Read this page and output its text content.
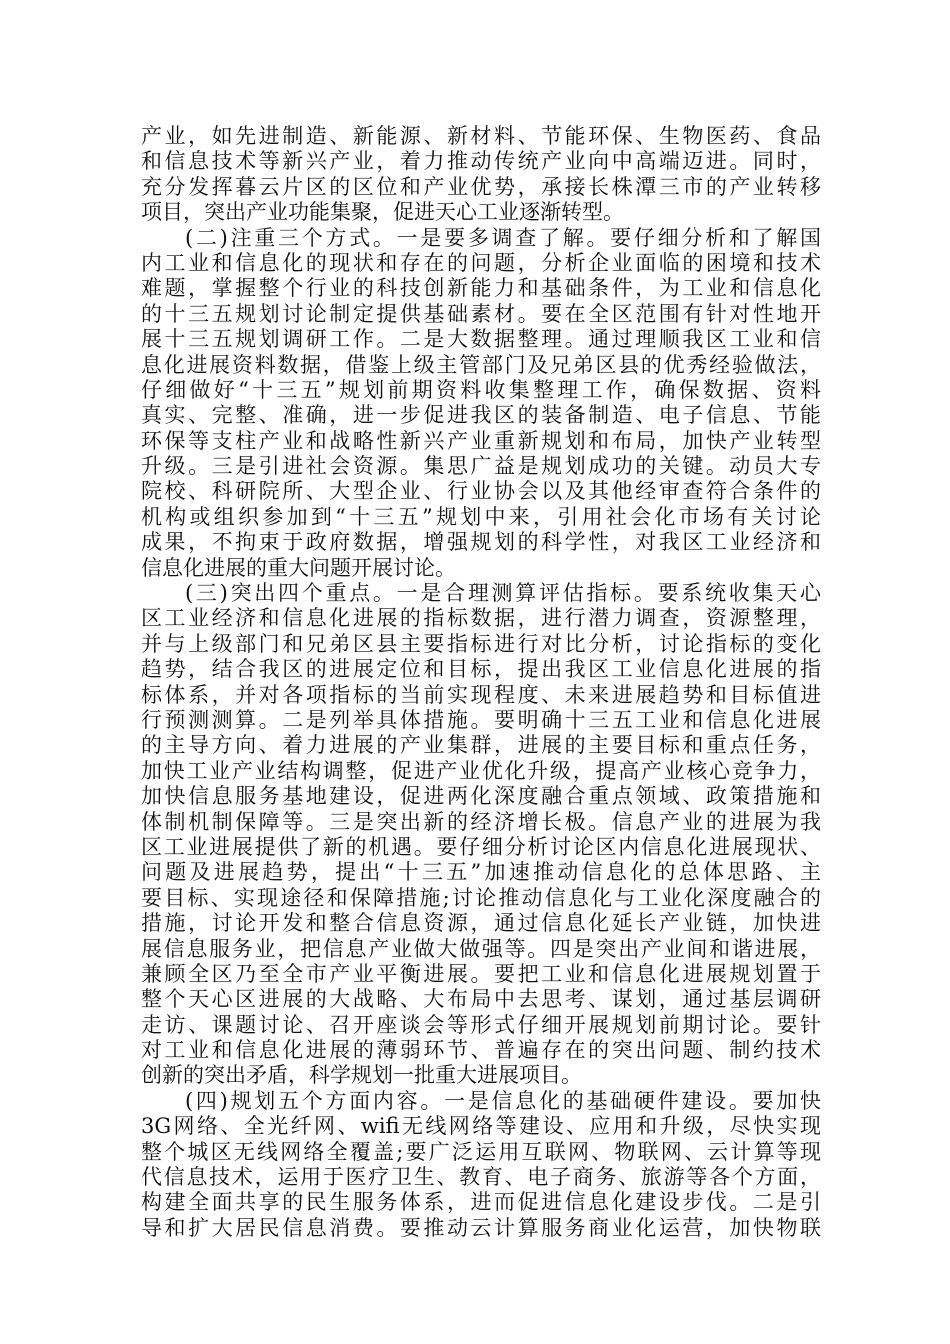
产业，如先进制造、新能源、新材料、节能环保、生物医药、食品
和信息技术等新兴产业，着力推动传统产业向中高端迈进。同时，
充分发挥暮云片区的区位和产业优势，承接长株潭三市的产业转移
项目，突出产业功能集聚，促进天心工业逐渐转型。
(二)注重三个方式。一是要多调查了解。要仔细分析和了解国
内工业和信息化的现状和存在的问题，分析企业面临的困境和技术
难题，掌握整个行业的科技创新能力和基础条件，为工业和信息化
的十三五规划讨论制定提供基础素材。要在全区范围有针对性地开
展十三五规划调研工作。二是大数据整理。通过理顺我区工业和信
息化进展资料数据，借鉴上级主管部门及兄弟区县的优秀经验做法，
仔细做好“十三五”规划前期资料收集整理工作，确保数据、资料
真实、完整、准确，进一步促进我区的装备制造、电子信息、节能
环保等支柱产业和战略性新兴产业重新规划和布局，加快产业转型
升级。三是引进社会资源。集思广益是规划成功的关键。动员大专
院校、科研院所、大型企业、行业协会以及其他经审查符合条件的
机构或组织参加到“十三五”规划中来，引用社会化市场有关讨论
成果，不拘束于政府数据，增强规划的科学性，对我区工业经济和
信息化进展的重大问题开展讨论。
(三)突出四个重点。一是合理测算评估指标。要系统收集天心
区工业经济和信息化进展的指标数据，进行潜力调查，资源整理，
并与上级部门和兄弟区县主要指标进行对比分析，讨论指标的变化
趋势，结合我区的进展定位和目标，提出我区工业信息化进展的指
标体系，并对各项指标的当前实现程度、未来进展趋势和目标值进
行预测测算。二是列举具体措施。要明确十三五工业和信息化进展
的主导方向、着力进展的产业集群，进展的主要目标和重点任务，
加快工业产业结构调整，促进产业优化升级，提高产业核心竞争力，
加快信息服务基地建设，促进两化深度融合重点领域、政策措施和
体制机制保障等。三是突出新的经济增长极。信息产业的进展为我
区工业进展提供了新的机遇。要仔细分析讨论区内信息化进展现状、
问题及进展趋势，提出“十三五”加速推动信息化的总体思路、主
要目标、实现途径和保障措施;讨论推动信息化与工业化深度融合的
措施，讨论开发和整合信息资源，通过信息化延长产业链，加快进
展信息服务业，把信息产业做大做强等。四是突出产业间和谐进展，
兼顾全区乃至全市产业平衡进展。要把工业和信息化进展规划置于
整个天心区进展的大战略、大布局中去思考、谋划，通过基层调研
走访、课题讨论、召开座谈会等形式仔细开展规划前期讨论。要针
对工业和信息化进展的薄弱环节、普遍存在的突出问题、制约技术
创新的突出矛盾，科学规划一批重大进展项目。
(四)规划五个方面内容。一是信息化的基础硬件建设。要加快
3G网络、全光纤网、wifi无线网络等建设、应用和升级，尽快实现
整个城区无线网络全覆盖;要广泛运用互联网、物联网、云计算等现
代信息技术，运用于医疗卫生、教育、电子商务、旅游等各个方面，
构建全面共享的民生服务体系，进而促进信息化建设步伐。二是引
导和扩大居民信息消费。要推动云计算服务商业化运营，加快物联
